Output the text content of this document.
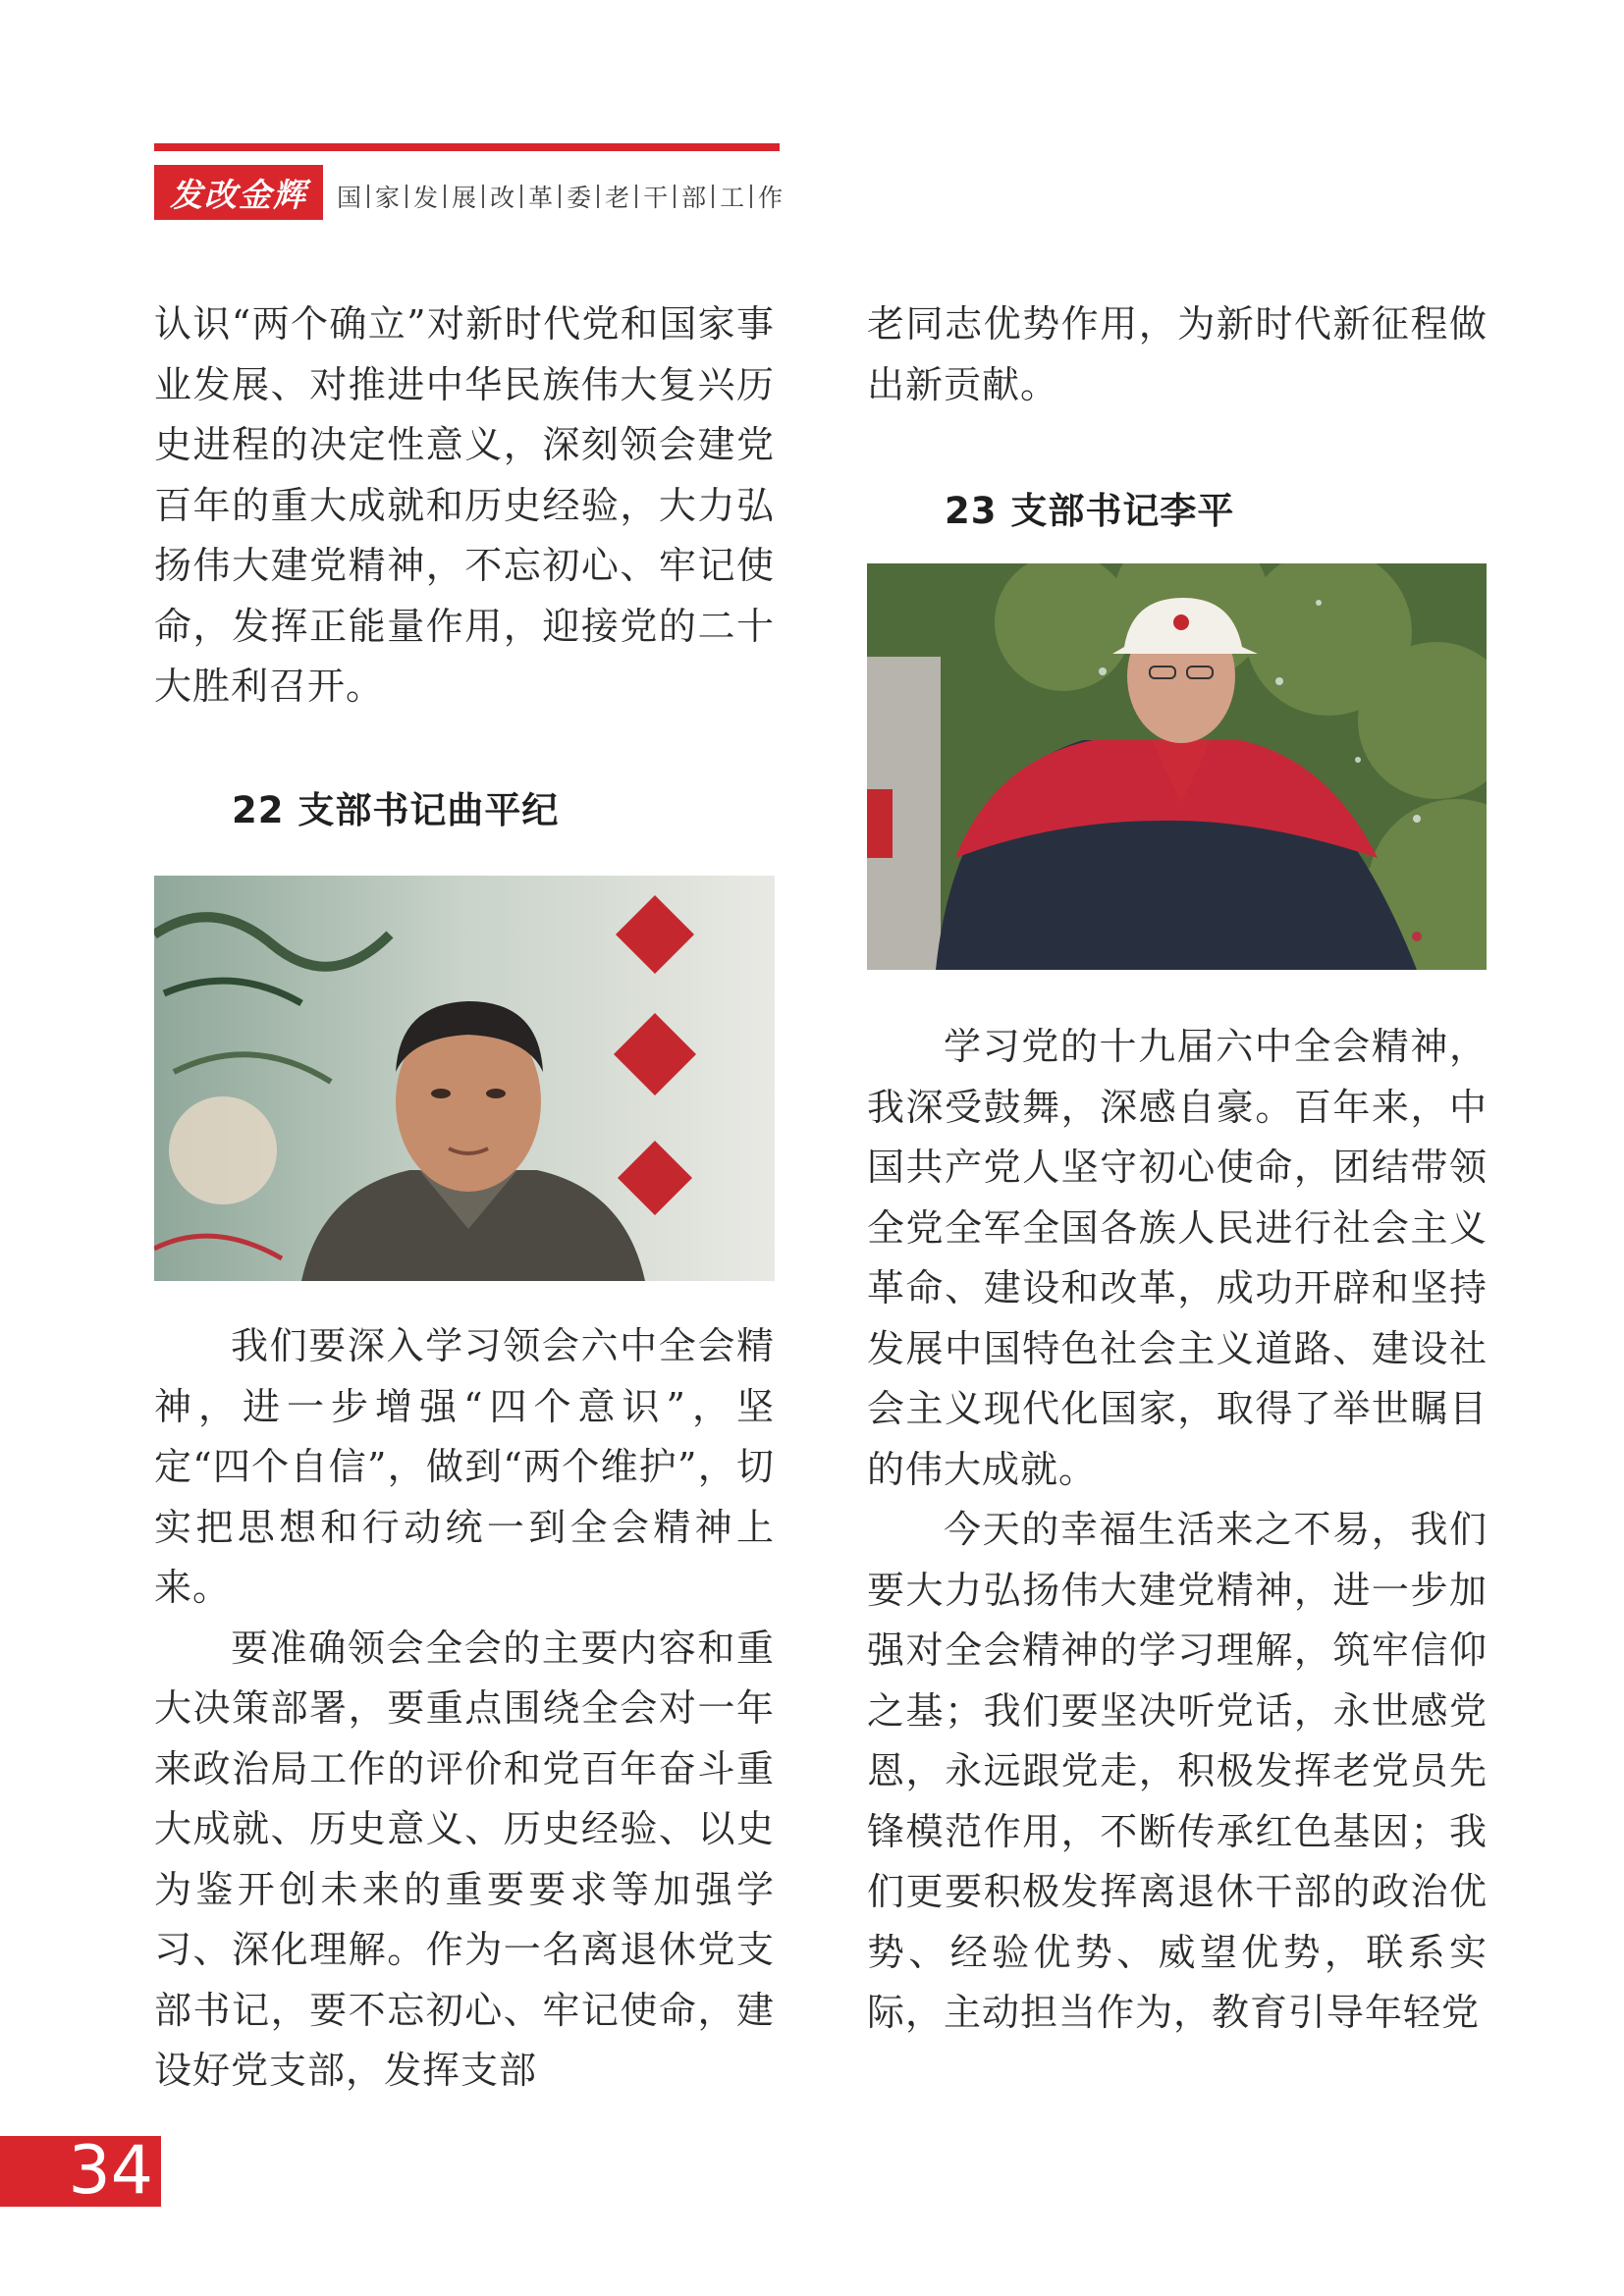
发改金辉	国 家 发 展 改 革 委 老 干 部 工 作

认识“两个确立”对新时代党和国家事业发展、对推进中华民族伟大复兴历史进程的决定性意义，深刻领会建党百年的重大成就和历史经验，大力弘扬伟大建党精神，不忘初心、牢记使命，发挥正能量作用，迎接党的二十大胜利召开。

22 支部书记曲平纪

我们要深入学习领会六中全会精神，进一步增强“四个意识”，坚定“四个自信”，做到“两个维护”，切实把思想和行动统一到全会精神上来。

要准确领会全会的主要内容和重大决策部署，要重点围绕全会对一年来政治局工作的评价和党百年奋斗重大成就、历史意义、历史经验、以史为鉴开创未来的重要要求等加强学习、深化理解。作为一名离退休党支部书记，要不忘初心、牢记使命，建设好党支部，发挥支部

老同志优势作用，为新时代新征程做出新贡献。

23 支部书记李平

学习党的十九届六中全会精神，我深受鼓舞，深感自豪。百年来，中国共产党人坚守初心使命，团结带领全党全军全国各族人民进行社会主义革命、建设和改革，成功开辟和坚持发展中国特色社会主义道路、建设社会主义现代化国家，取得了举世瞩目的伟大成就。

今天的幸福生活来之不易，我们要大力弘扬伟大建党精神，进一步加强对全会精神的学习理解，筑牢信仰之基；我们要坚决听党话，永世感党恩，永远跟党走，积极发挥老党员先锋模范作用，不断传承红色基因；我们更要积极发挥离退休干部的政治优势、经验优势、威望优势，联系实际，主动担当作为，教育引导年轻党

34
